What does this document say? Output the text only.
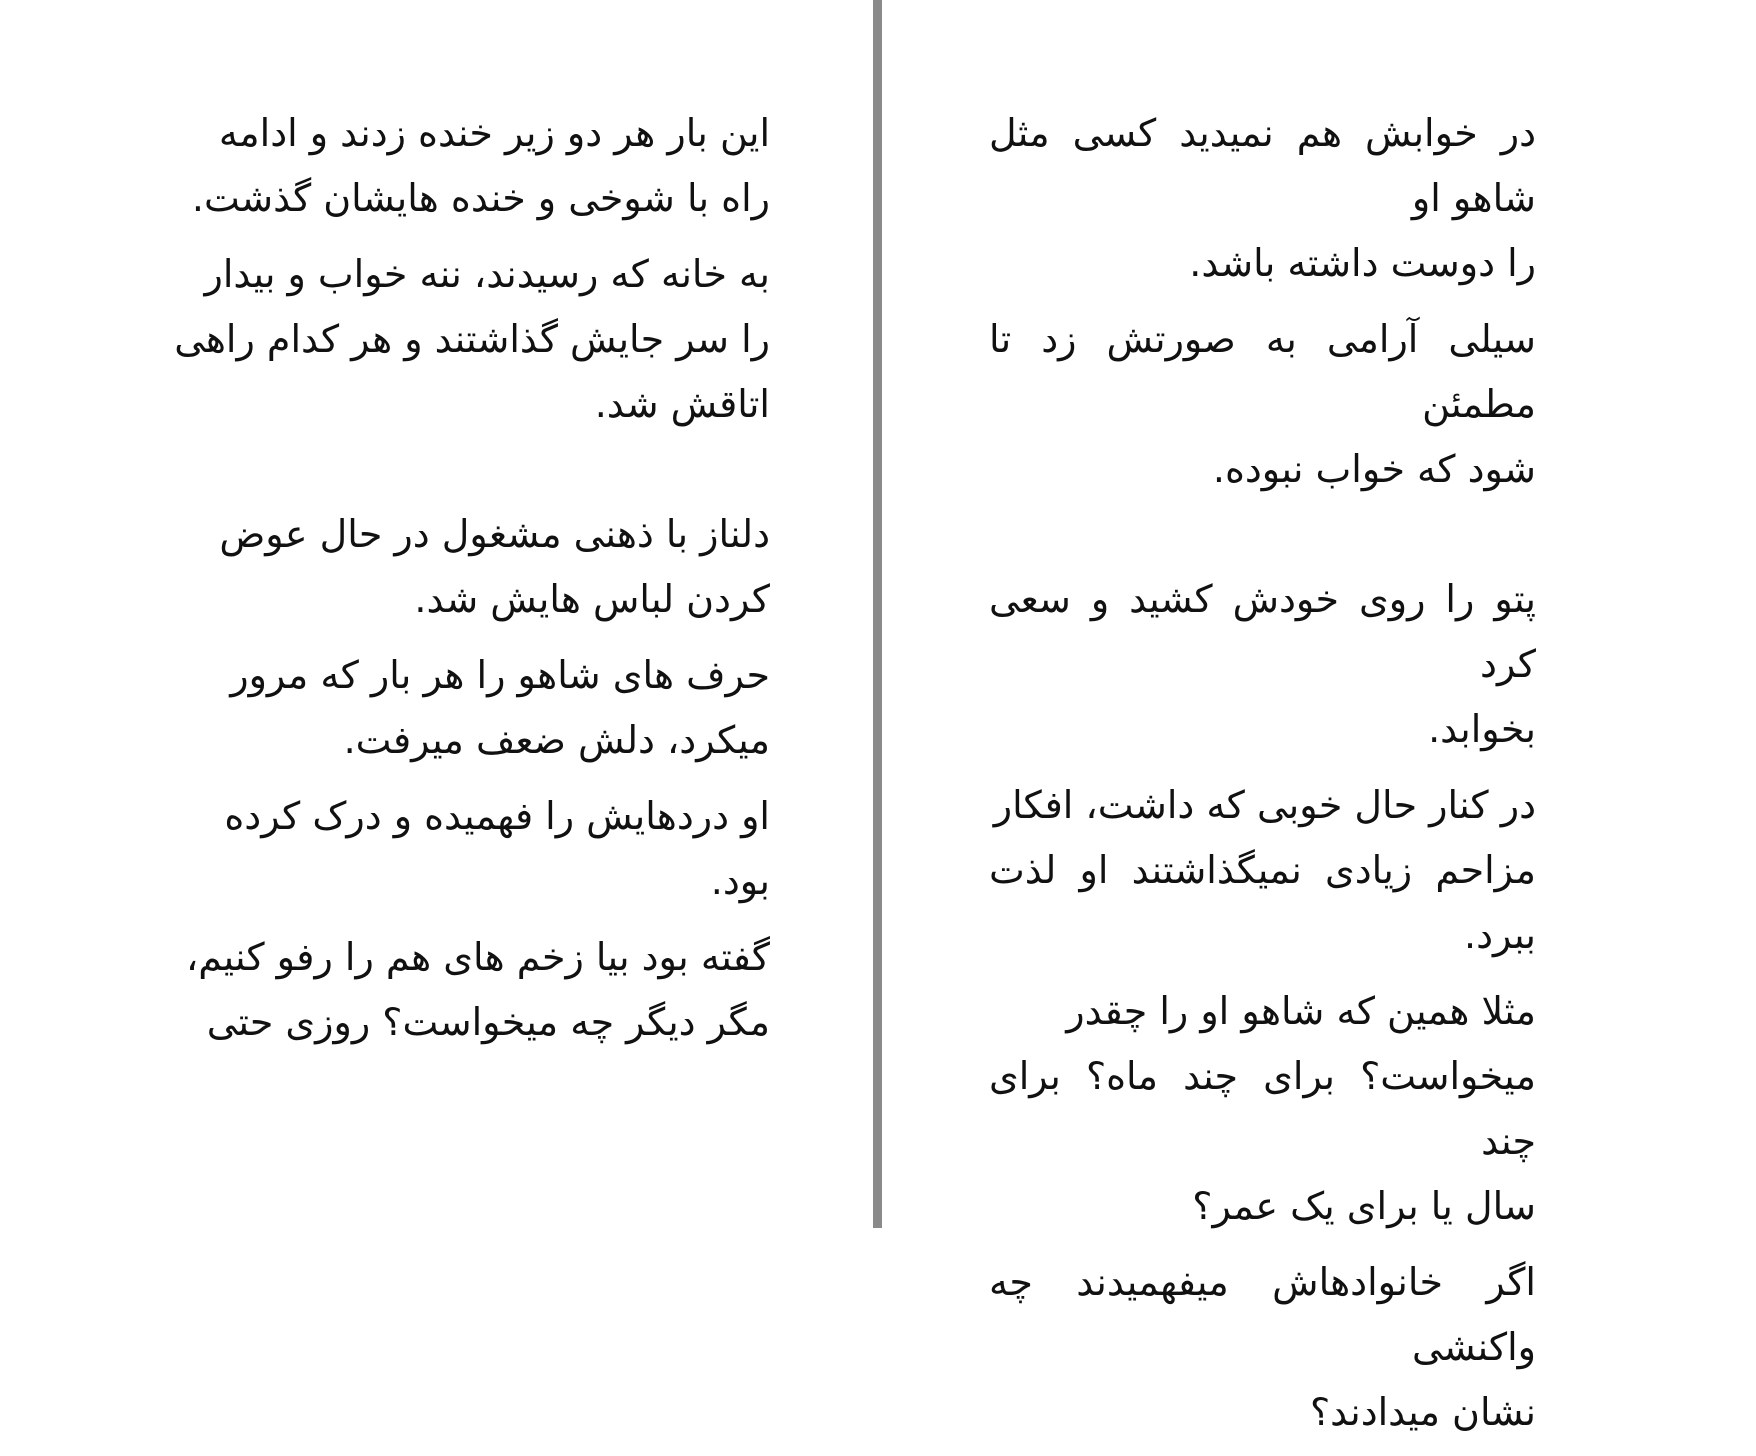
این بار هر دو زیر خنده زدند و ادامه
راه با شوخی و خنده هایشان گذشت.

به خانه که رسیدند، ننه خواب و بیدار
را سر جایش گذاشتند و هر کدام راهی
اتاقش شد.

دلناز با ذهنی مشغول در حال عوض
کردن لباس هایش شد.

حرف های شاهو را هر بار که مرور
میکرد، دلش ضعف میرفت.

او دردهایش را فهمیده و درک کرده
بود.

گفته بود بیا زخم های هم را رفو کنیم،
مگر دیگر چه میخواست؟ روزی حتی

در خوابش هم نمیدید کسی مثل شاهو او
را دوست داشته باشد.

سیلی آرامی به صورتش زد تا مطمئن
شود که خواب نبوده.

پتو را روی خودش کشید و سعی کرد
بخوابد.

در کنار حال خوبی که داشت، افکار
مزاحم زیادی نمیگذاشتند او لذت ببرد.

مثلا همین که شاهو او را چقدر
میخواست؟ برای چند ماه؟ برای چند
سال یا برای یک عمر؟

اگر خانوادهاش میفهمیدند چه واکنشی
نشان میدادند؟
